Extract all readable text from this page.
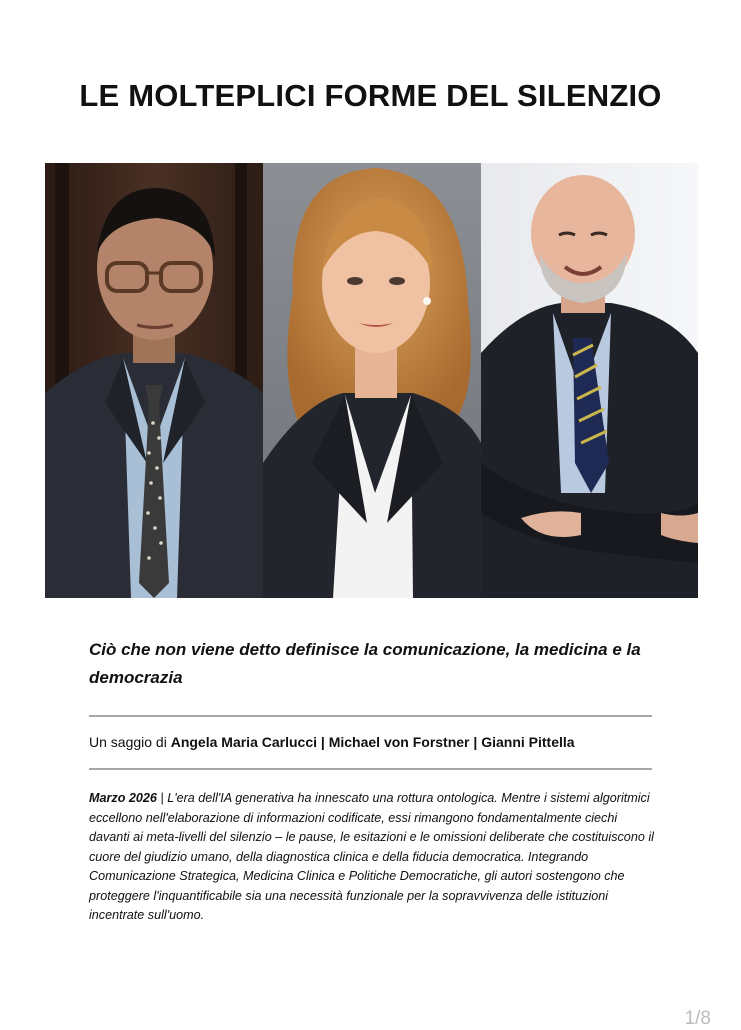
LE MOLTEPLICI FORME DEL SILENZIO
Ciò che non viene detto definisce la comunicazione, la medicina e la democrazia
Un saggio di Angela Maria Carlucci | Michael von Forstner | Gianni Pittella
Marzo 2026 | L'era dell'IA generativa ha innescato una rottura ontologica. Mentre i sistemi algoritmici eccellono nell'elaborazione di informazioni codificate, essi rimangono fondamentalmente ciechi davanti ai meta-livelli del silenzio – le pause, le esitazioni e le omissioni deliberate che costituiscono il cuore del giudizio umano, della diagnostica clinica e della fiducia democratica. Integrando Comunicazione Strategica, Medicina Clinica e Politiche Democratiche, gli autori sostengono che proteggere l'inquantificabile sia una necessità funzionale per la sopravvivenza delle istituzioni incentrate sull'uomo.
1/8
